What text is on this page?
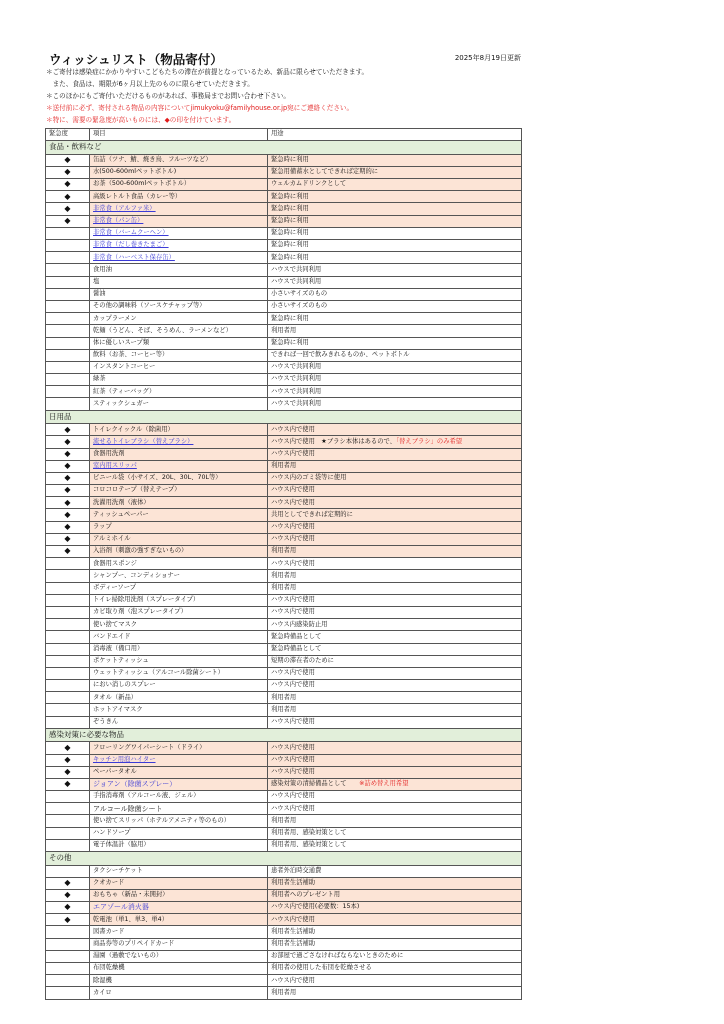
ウィッシュリスト（物品寄付）	2025年8月19日更新
＊ご寄付は感染症にかかりやすいこどもたちの滞在が前提となっているため、新品に限らせていただきます。
　また、食品は、期限が6ヶ月以上先のものに限らせていただきます。
＊このほかにもご寄付いただけるものがあれば、事務局までお問い合わせ下さい。
＊送付前に必ず、寄付される物品の内容についてjimukyoku@familyhouse.or.jp宛にご連絡ください。
＊特に、需要の緊急度が高いものには、◆の印を付けています。
緊急度	項目	用途
食品・飲料など		
◆	缶詰（ツナ、鯖、焼き鳥、フルーツなど）	緊急時に利用
◆	水(500-600mlペットボトル)	緊急用備蓄水としてできれば定期的に
◆	お茶（500-600mlペットボトル）	ウェルカムドリンクとして
◆	高級レトルト食品（カレー等）	緊急時に利用
◆	非常食（アルファ米）	緊急時に利用
◆	非常食（パン缶）	緊急時に利用
	非常食（バームクーヘン）	緊急時に利用
	非常食（だし巻きたまご）	緊急時に利用
	非常食（ハーベスト保存缶）	緊急時に利用
	食用油	ハウスで共同利用
	塩	ハウスで共同利用
	醤油	小さいサイズのもの
	その他の調味料（ソースケチャップ等）	小さいサイズのもの
	カップラーメン	緊急時に利用
	乾麺（うどん、そば、そうめん、ラーメンなど）	利用者用
	体に優しいスープ類	緊急時に利用
	飲料（お茶、コーヒー等）	できれば一回で飲みきれるものか、ペットボトル
	インスタントコーヒー	ハウスで共同利用
	緑茶	ハウスで共同利用
	紅茶（ティーバッグ）	ハウスで共同利用
	スティックシュガー	ハウスで共同利用
日用品		
◆	トイレクイックル（除菌用）	ハウス内で使用
◆	流せるトイレブラシ（替えブラシ）	ハウス内で使用　★ブラシ本体はあるので、「替えブラシ」のみ希望
◆	食器用洗剤	ハウス内で使用
◆	室内用スリッパ	利用者用
◆	ビニール袋（小サイズ、20L、30L、70L等）	ハウス内のゴミ袋等に使用
◆	コロコロテープ（替えテープ）	ハウス内で使用
◆	洗濯用洗剤（液体）	ハウス内で使用
◆	ティッシュペーパー	共用としてできれば定期的に
◆	ラップ	ハウス内で使用
◆	アルミホイル	ハウス内で使用
◆	入浴剤（刺激の強すぎないもの）	利用者用
	食器用スポンジ	ハウス内で使用
	シャンプー、コンディショナー	利用者用
	ボディーソープ	利用者用
	トイレ掃除用洗剤（スプレータイプ）	ハウス内で使用
	カビ取り剤（泡スプレータイプ）	ハウス内で使用
	使い捨てマスク	ハウス内感染防止用
	バンドエイド	緊急時備品として
	消毒液（備口用）	緊急時備品として
	ポケットティッシュ	短期の滞在者のために
	ウェットティッシュ（アルコール除菌シート）	ハウス内で使用
	におい消しのスプレー	ハウス内で使用
	タオル（新品）	利用者用
	ホットアイマスク	利用者用
	ぞうきん	ハウス内で使用
感染対策に必要な物品		
◆	フローリングワイパーシート（ドライ）	ハウス内で使用
◆	キッチン用泡ハイター	ハウス内で使用
◆	ペーパータオル	ハウス内で使用
◆	ジョアン（除菌スプレー）	感染対策の清掃備品として　　※詰め替え用希望
	手指消毒剤（アルコール液、ジェル）	ハウス内で使用
	アルコール除菌シート	ハウス内で使用
	使い捨てスリッパ（ホテルアメニティ等のもの）	利用者用
	ハンドソープ	利用者用、感染対策として
	電子体温計（脇用）	利用者用、感染対策として
その他		
	タクシーチケット	患者外泊時交通費
◆	クオカード	利用者生活補助
◆	おもちゃ（新品・未開封）	利用者へのプレゼント用
◆	エアゾール消火器	ハウス内で使用(必要数：15本)
◆	乾電池（単1、単3、単4）	ハウス内で使用
	図書カード	利用者生活補助
	商品券等のプリペイドカード	利用者生活補助
	湯園（過敷でないもの）	お部屋で過ごさなければならないときのために
	布団乾燥機	利用者の使用した布団を乾燥させる
	除湿機	ハウス内で使用
	カイロ	利用者用
